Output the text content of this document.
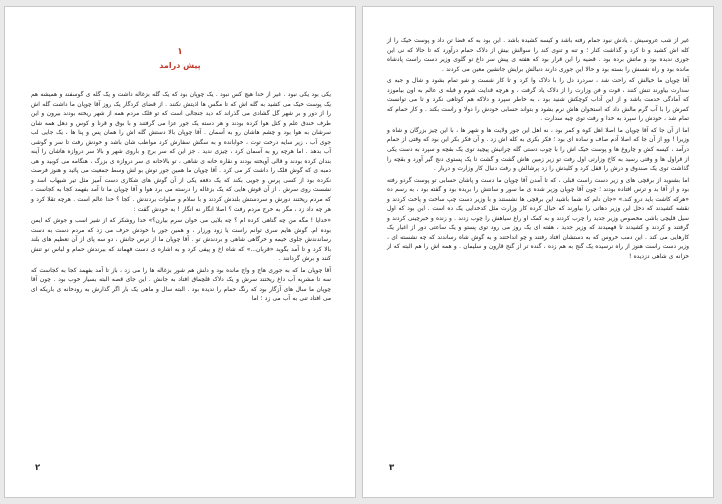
۱
پیش درامد

یکی بود یکی نبود . غیر از خدا هیچ کس نبود . یک چوپان بود که یک گله بزغاله داشت و یک گله ی گوسفند و همیشه هم یک پوست خیک می کشید به گله اش که تا مگس ها اذیتش نکنند . از قضای کردگار یک روز آقا چوپان ما داشت گله اش را از دور و بر شهر گل گشادی می گذراند که دید جنجالی است که تو فلک مردم همه از شهر ریخته بودند بیرون و این طرف خندق علم و کتل هوا کرده بودند و هر دسته یک جور عزا می گرفتند و با بوق و قرنا و کوس و دهل همه شان سرشان به هوا بود و چشم هاشان رو به آسمان . آقا چوپان بالا دستش گله اش را همان پس و پنا ها ، یک جایی لب جوی آب ، زیر سایه درخت توت ، خوابانده و به سگش سفارش کرد مواظب شان باشد و خودش رفت تا سر و گوشی آب بدهد . اما هرچه رو به آسمان کرد ، چیزی ندید . جز این که سر برج و باروی شهر و بالا سر دروازه هاشان را آینه بندان کرده بودند و قالی آویخته بودند و نقاره خانه ی شاهی ، تو بالاخانه ی سر دروازه ی بزرگ ، هنگامه می کوبید و هی دمبه ی که گوش فلک را داشت کر می کرد . آقا چوپان ما همین جور توش بو لش وسط جمعیت می پائید و هنوز فرصت نکرده بود از کسی پرس و جویی بکند که یک دفعه یکی از آن گوش های شکاری دست آمیز مثل تیر شیهاب اسد و نشست روی سرش . از آن قوش هایی که یک بزغاله را درسته می برد هوا و آقا چوپان ما تا آمد بفهمد کجا به کجاست ، که مردم ریختند دورش و سردستش بلندش کردند و با سلام و صلوات بردندش . کجا ؟ خدا عالم است . هرچه تقلا کرد و هر چه داد زد ، مگر به خرج مردم رفت ؟ اصلا انگار نه انگار ! به خودش گفت :

«خدایا ! مگه من چه گناهی کرده ام ؟ چه بلایی می خوان سرم بیارن؟» خدا روشکر که از شیر اسب و جوش که ایمن بوده ام. گوش هایم سری توانم راست یا زود ورزار ، و همین جور با خودش حرف می زد که مردم دست به دست رساندندش جلوی خیمه و خرگاهی شاهی و بردندش تو . آقا چوپان ما از ترس جانش ، دو سه پای از آن تعظیم های بلند بالا کرد و تا آمد بگوید «قربان...» که شاه اخ و پیفی کرد و به اشاره ی دست فهماند که ببرندش حمام و لباس نو تنش کنند و برش گردانند .

آقا چوپان ما که به جوری هاج و واج مانده بود و دلش هم شور بزغاله ها را می زد ، باز تا آمد بفهمد کجا به کجاست که سه تا مشربه آب داغ ریختند سرش و یک دلاک قلچماق افتاد به جانش . این جای قصه البته بسیار خوب بود . چون آقا چوپان ما سال های آزگار بود که رنگ حمام را ندیده بود . البته سال و ماهی یک بار اگر گذارش به رودخانه ی باریکه ای می افتاد تنی به آب می زد ؛ اما

۲

غیر از شب عروسیش ، یادش نبود حمام رفته باشد و کیسه کشیده باشد . این بود به که فضا تن داد و پوست خیک را از کله اش کشید و تا کرد و گذاشت کنار ؛ و تنه و تنوی کند را سوالش بیش از دلاک حمام درآورد که تا حالا که نی این جوری ندیده بود و ماتش برده بود . قضیه را این قرار بود که هفته ی پیش سر داغ تو گلوی وزیر دست راست پادشاه مانده بود و راه نفسش را بسته بود و حالا این جوری دارند دنبالش برایش جانشین معین می کردند .

آقا چوپان ما خیالش که راحت شد ، سردرد دل را با دلاک وا کرد و تا کار شست و شو تمام بشود و شال و جبه ی سدارت بیاورند تنش کنند ، قوت و فن وزارت را از دلاک یاد گرفت ، و هرچه قدایت شوم و قبله ی عالم به اون بیاموزد که آمادگی خدمت باشد و از این آداب کوچکش شنید بود ، به خاطر سپرد و دلاکه هم کوتاهی نکرد و تا می توانست کمرش را با آب گرم مالش داد که استخوان هاش نرم بشود و بتواند حسابی خودش را دولا و راست بکند . و کار حمام که تمام شد ، خودش را سپرد به خدا و رفت توی چیه سدارت .

اما از آن جا که آقا چوپان ما اصلا اهل کوه و کمر بود ، نه اهل این جور ولایت ها و شهر ها ، با این چیز بزرگان و شاه و وزیرا ! وو از آن جا که اصلا آدم صاف و ساده ای بود ؛ فکر بکری به کله اش زد . و آن فکر بکر این بود که وقتی از حمام درآمد ، کیسه کش و چاروغ ها و پوست خیک اش را با چوب دستی گله چرانیش پیچید توی یک بقچه و سپرد به دست یکی از قراول ها و وقتی رسید به کاخ وزارتی اول رفت تو زیر زمین هاش گشت و گشت تا یک پستوی دنج گیر آورد و بقچه را گذاشت توی یک صندوق و درش را قفل کرد و کلیدش را زد پرشالش و رفت دنبال کار وزارت و دربار .

اما بشنوید از برقچی های و زیر دست راست قبلی ، که تا آمدن آقا چوپان ما دست و پاشان حسابی تو پوست گردو رفته بود و از آقا بد و ترس افتاده بودند ؛ چون آقا چوپان وزیر شده ی ما سور و سانتش را بریده بود و گفته بود ، به رسم ده «هرکه کاشت باید درو کند.» «جان دلم که شما باشید این برقچی ها نشستند و با وزیر دست چپ ساخت و پاخت کردند و نقشه کشیدند که دخل این وزیر دهاتی را بیاورند که خیال کرده کار وزارت مثل کدخدایی یک ده است . این بود که اول سیل قلیچی باشی مخصوص وزیر جدید را چرب کردند و به کمک او راغ سیاهش را چوب زدند . و زنده و خبرچینی کردند و گرفتند و کردند و کشیدند تا فهمیدند که وزیر جدید ، هفته ای یک روز می رود توی پستو و یک ساعتی دور از اغیار یک کارهایی می کند . این دمب خروس که به دستشان افتاد رفتند و چو انداختند و به گوش شاه رساندند که چه نشسته ای ، وزیر دست راست هنوز از راه نرسیده یک گنج به هم زده ، گنده تر از گنج قارون و سلیمان . و همه اش را هم البته که از خزانه ی شاهی دزدیده !

۳
